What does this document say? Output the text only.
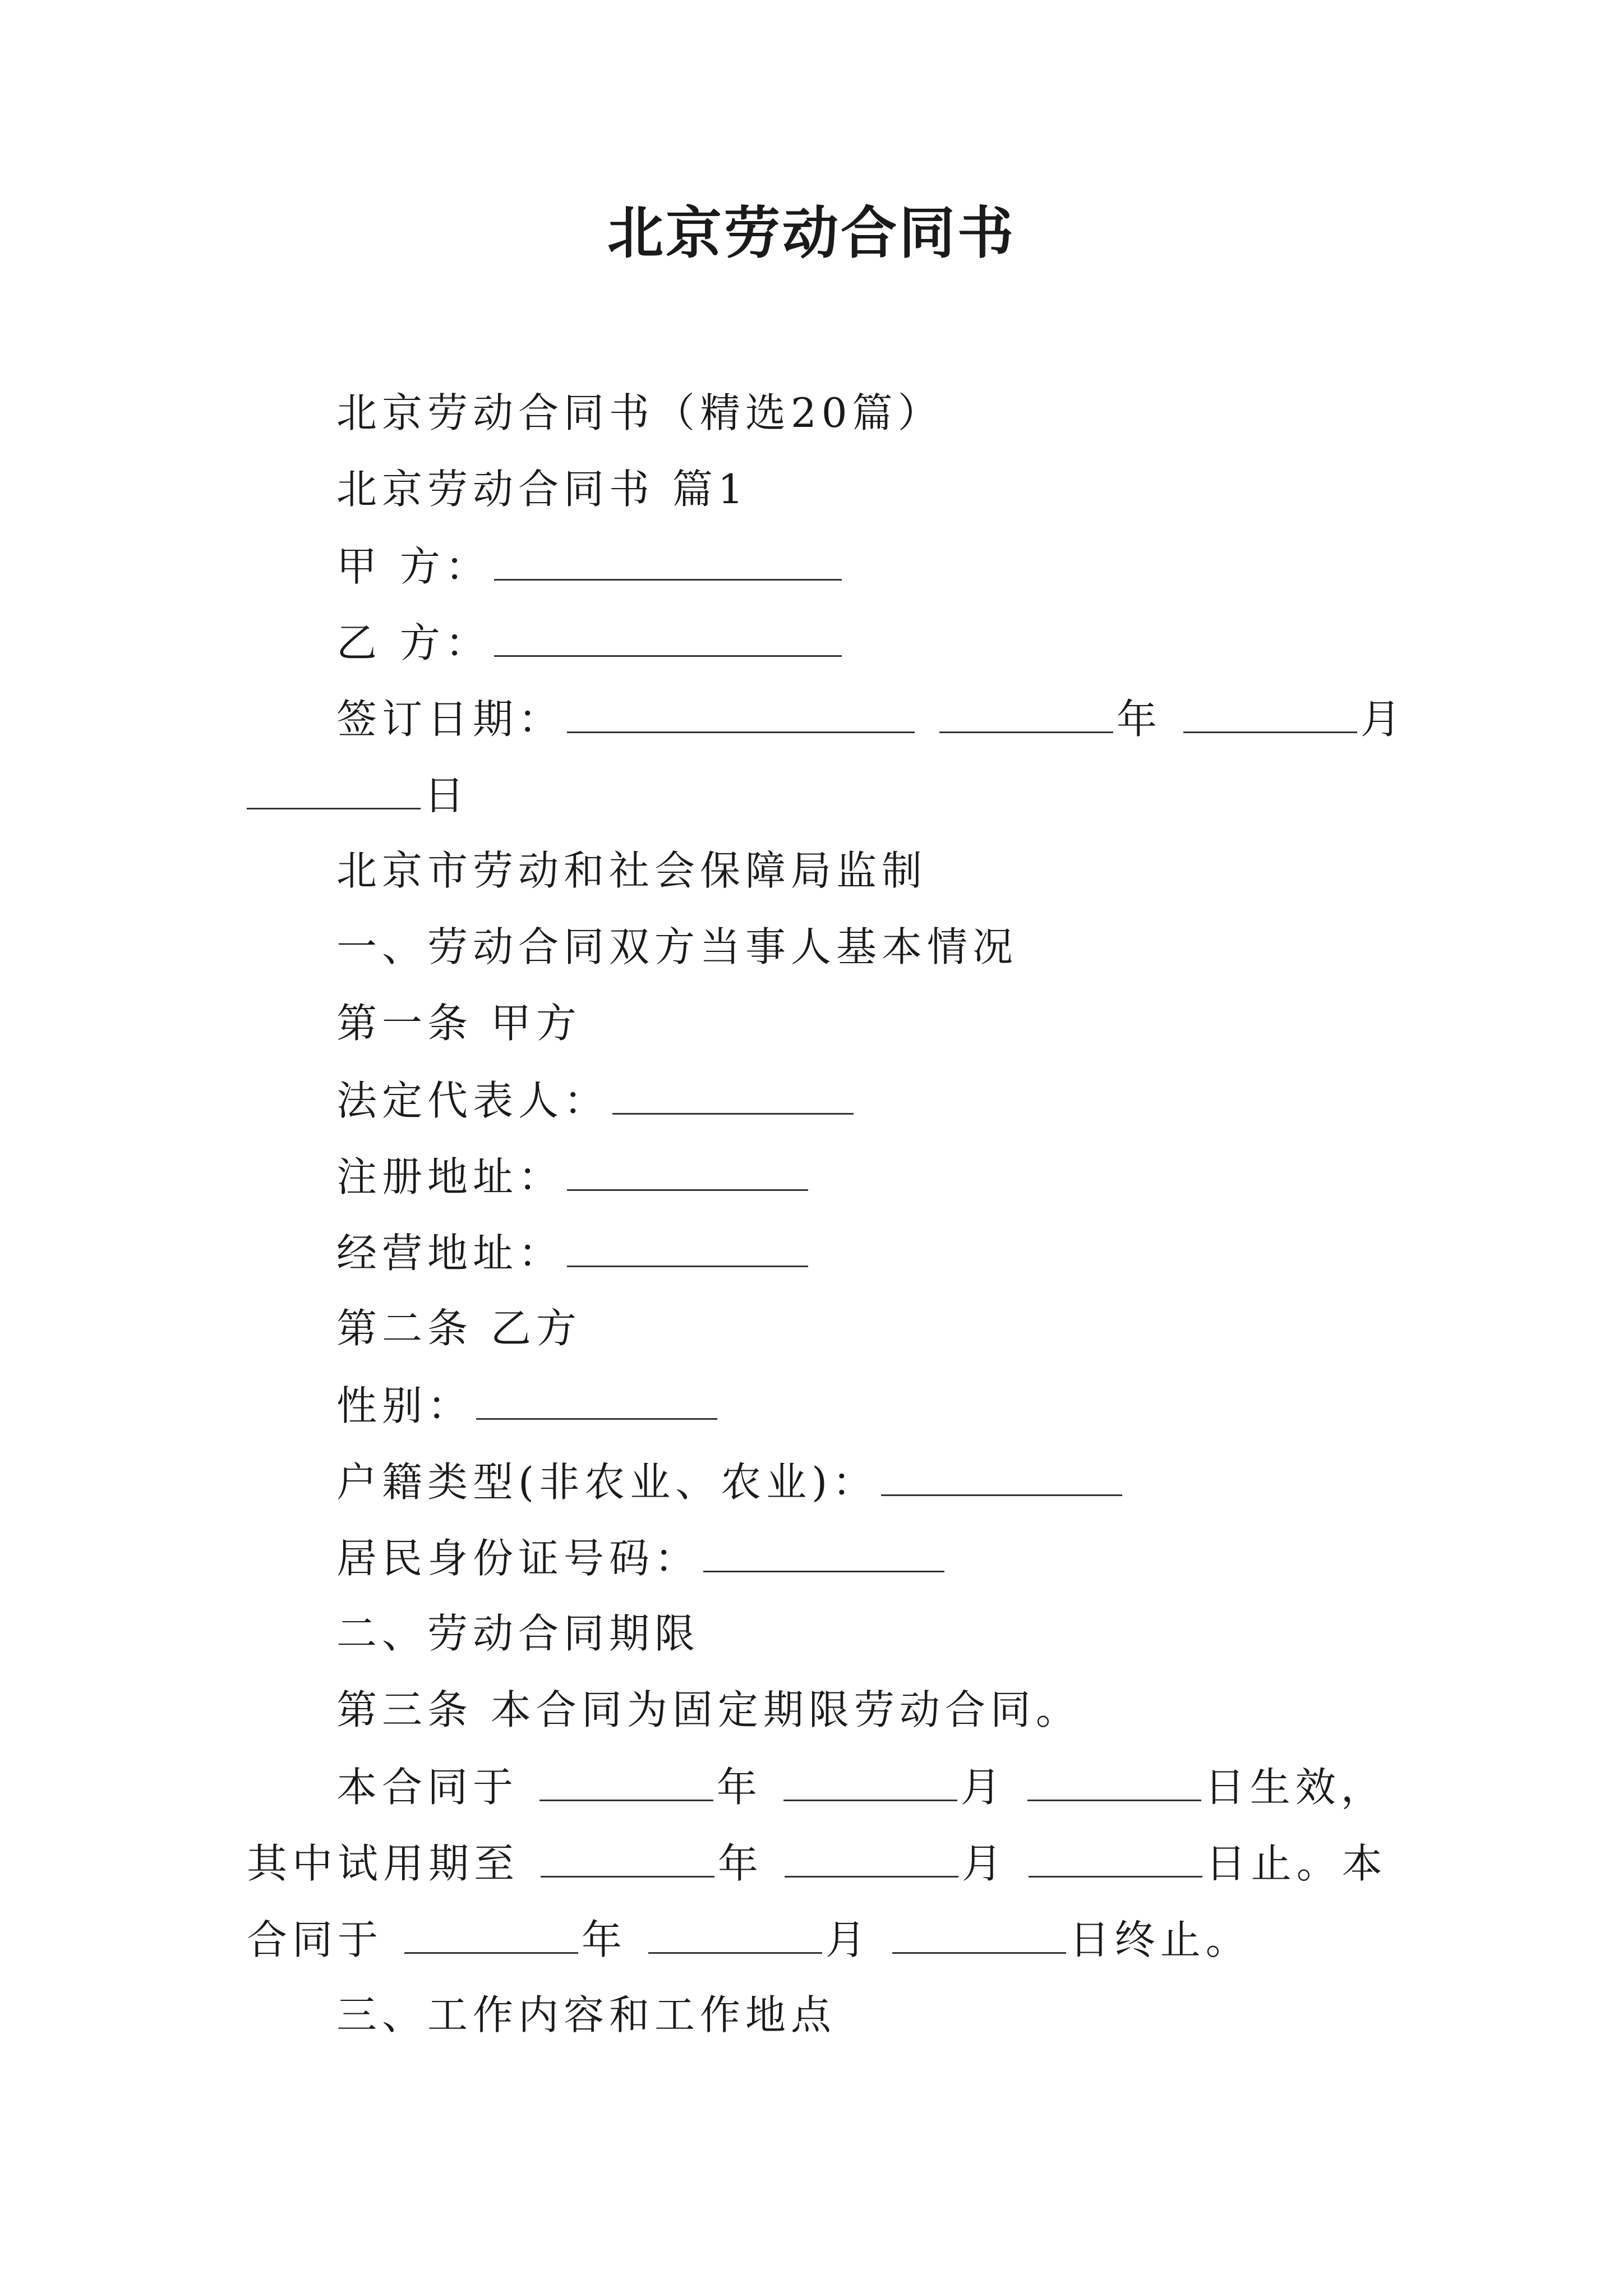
北京劳动合同书
北京劳动合同书（精选20篇）
北京劳动合同书 篇1
甲 方：
乙 方：
签订日期：	年	月
日
北京市劳动和社会保障局监制
一、劳动合同双方当事人基本情况
第一条 甲方
法定代表人：
注册地址：
经营地址：
第二条 乙方
性别：
户籍类型(非农业、农业)：
居民身份证号码：
二、劳动合同期限
第三条 本合同为固定期限劳动合同。
本合同于	年	月	日生效，
其中试用期至	年	月	日止。本
合同于	年	月	日终止。
三、工作内容和工作地点
